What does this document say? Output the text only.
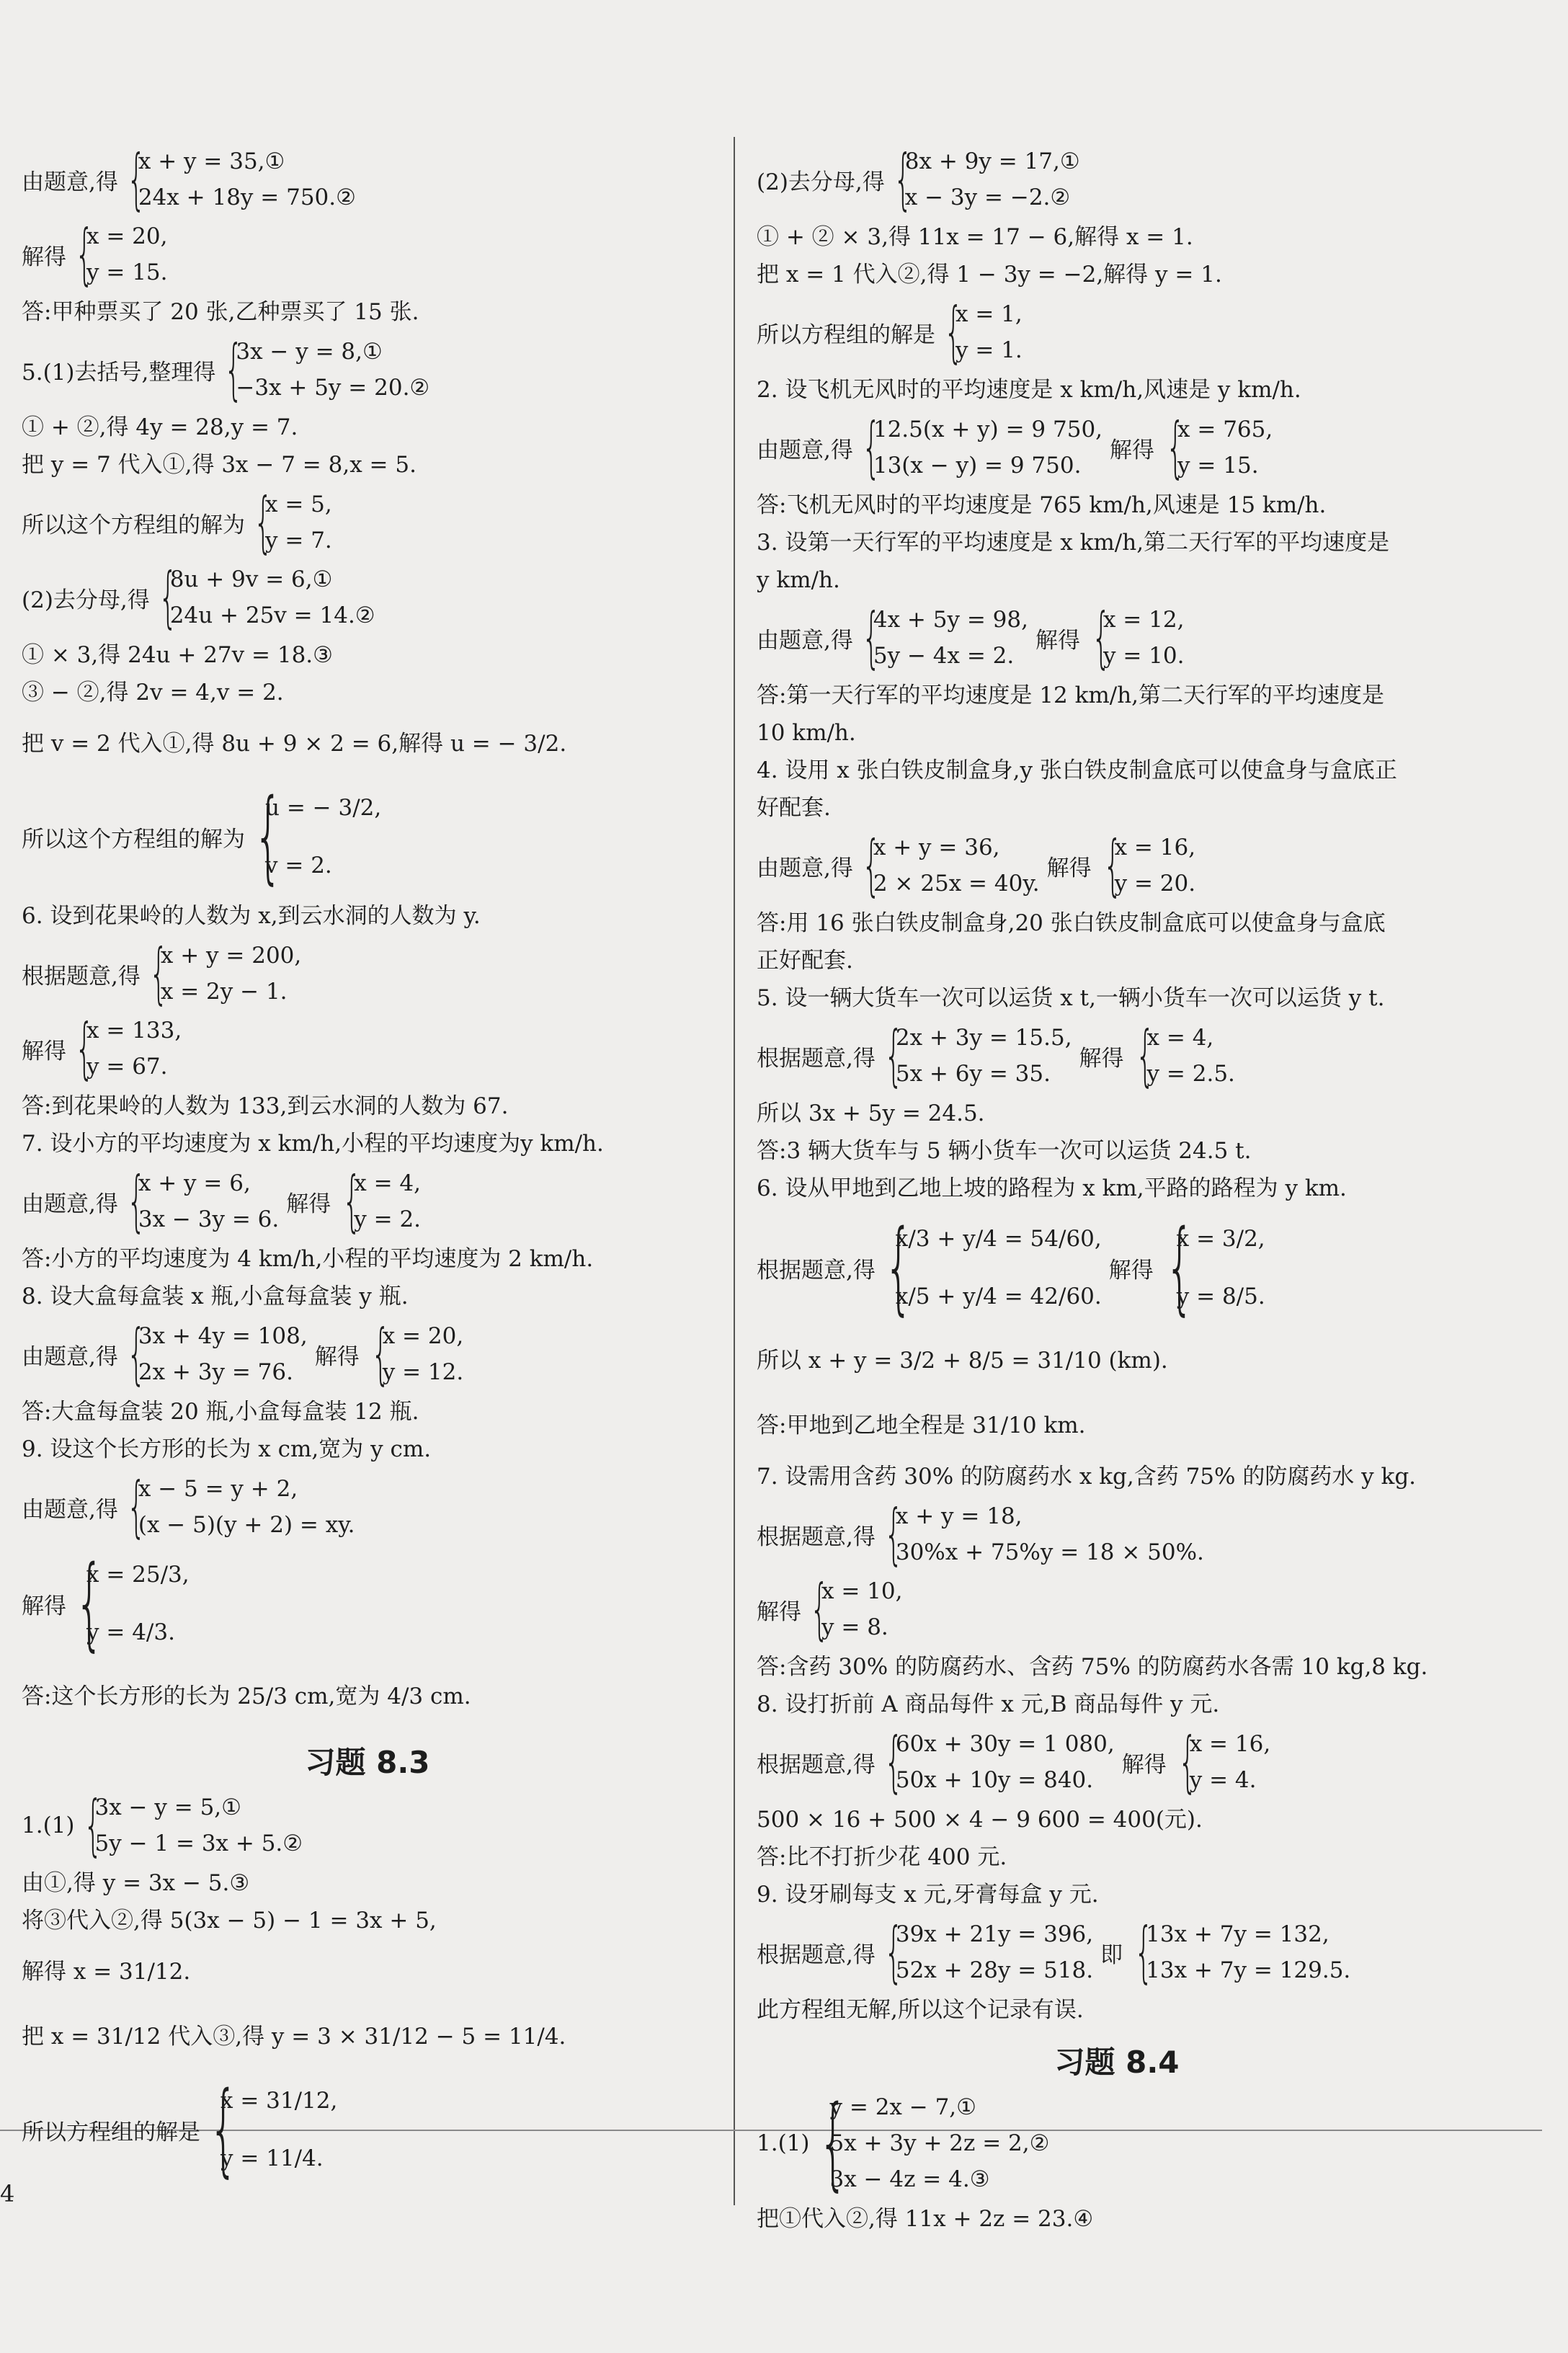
4
由题意,得 {
x + y = 35,①
24x + 18y = 750.②
解得 {
x = 20,
y = 15.
答:甲种票买了 20 张,乙种票买了 15 张.
5.(1)去括号,整理得 {
3x − y = 8,①
−3x + 5y = 20.②
① + ②,得 4y = 28,y = 7.
把 y = 7 代入①,得 3x − 7 = 8,x = 5.
所以这个方程组的解为 {
x = 5,
y = 7.
(2)去分母,得 {
8u + 9v = 6,①
24u + 25v = 14.②
① × 3,得 24u + 27v = 18.③
③ − ②,得 2v = 4,v = 2.
把 v = 2 代入①,得 8u + 9 × 2 = 6,解得 u = − 3/2.
所以这个方程组的解为 {
u = − 3/2,
v = 2.
6. 设到花果岭的人数为 x,到云水洞的人数为 y.
根据题意,得 {
x + y = 200,
x = 2y − 1.
解得 {
x = 133,
y = 67.
答:到花果岭的人数为 133,到云水洞的人数为 67.
7. 设小方的平均速度为 x km/h,小程的平均速度为y km/h.
由题意,得 {
x + y = 6,
3x − 3y = 6.
解得 {
x = 4,
y = 2.
答:小方的平均速度为 4 km/h,小程的平均速度为 2 km/h.
8. 设大盒每盒装 x 瓶,小盒每盒装 y 瓶.
由题意,得 {
3x + 4y = 108,
2x + 3y = 76.
解得 {
x = 20,
y = 12.
答:大盒每盒装 20 瓶,小盒每盒装 12 瓶.
9. 设这个长方形的长为 x cm,宽为 y cm.
由题意,得 {
x − 5 = y + 2,
(x − 5)(y + 2) = xy.
解得 {
x = 25/3,
y = 4/3.
答:这个长方形的长为 25/3 cm,宽为 4/3 cm.
习题 8.3
1.(1) {
3x − y = 5,①
5y − 1 = 3x + 5.②
由①,得 y = 3x − 5.③
将③代入②,得 5(3x − 5) − 1 = 3x + 5,
解得 x = 31/12.
把 x = 31/12 代入③,得 y = 3 × 31/12 − 5 = 11/4.
所以方程组的解是 {
x = 31/12,
y = 11/4.
(2)去分母,得 {
8x + 9y = 17,①
x − 3y = −2.②
① + ② × 3,得 11x = 17 − 6,解得 x = 1.
把 x = 1 代入②,得 1 − 3y = −2,解得 y = 1.
所以方程组的解是 {
x = 1,
y = 1.
2. 设飞机无风时的平均速度是 x km/h,风速是 y km/h.
由题意,得 {
12.5(x + y) = 9 750,
13(x − y) = 9 750.
解得 {
x = 765,
y = 15.
答:飞机无风时的平均速度是 765 km/h,风速是 15 km/h.
3. 设第一天行军的平均速度是 x km/h,第二天行军的平均速度是
y km/h.
由题意,得 {
4x + 5y = 98,
5y − 4x = 2.
解得 {
x = 12,
y = 10.
答:第一天行军的平均速度是 12 km/h,第二天行军的平均速度是
10 km/h.
4. 设用 x 张白铁皮制盒身,y 张白铁皮制盒底可以使盒身与盒底正
好配套.
由题意,得 {
x + y = 36,
2 × 25x = 40y.
解得 {
x = 16,
y = 20.
答:用 16 张白铁皮制盒身,20 张白铁皮制盒底可以使盒身与盒底
正好配套.
5. 设一辆大货车一次可以运货 x t,一辆小货车一次可以运货 y t.
根据题意,得 {
2x + 3y = 15.5,
5x + 6y = 35.
解得 {
x = 4,
y = 2.5.
所以 3x + 5y = 24.5.
答:3 辆大货车与 5 辆小货车一次可以运货 24.5 t.
6. 设从甲地到乙地上坡的路程为 x km,平路的路程为 y km.
根据题意,得 {
x/3 + y/4 = 54/60,
x/5 + y/4 = 42/60.
解得 {
x = 3/2,
y = 8/5.
所以 x + y = 3/2 + 8/5 = 31/10 (km).
答:甲地到乙地全程是 31/10 km.
7. 设需用含药 30% 的防腐药水 x kg,含药 75% 的防腐药水 y kg.
根据题意,得 {
x + y = 18,
30%x + 75%y = 18 × 50%.
解得 {
x = 10,
y = 8.
答:含药 30% 的防腐药水、含药 75% 的防腐药水各需 10 kg,8 kg.
8. 设打折前 A 商品每件 x 元,B 商品每件 y 元.
根据题意,得 {
60x + 30y = 1 080,
50x + 10y = 840.
解得 {
x = 16,
y = 4.
500 × 16 + 500 × 4 − 9 600 = 400(元).
答:比不打折少花 400 元.
9. 设牙刷每支 x 元,牙膏每盒 y 元.
根据题意,得 {
39x + 21y = 396,
52x + 28y = 518.
即 {
13x + 7y = 132,
13x + 7y = 129.5.
此方程组无解,所以这个记录有误.
习题 8.4
1.(1) {
y = 2x − 7,①
5x + 3y + 2z = 2,②
3x − 4z = 4.③
把①代入②,得 11x + 2z = 23.④
